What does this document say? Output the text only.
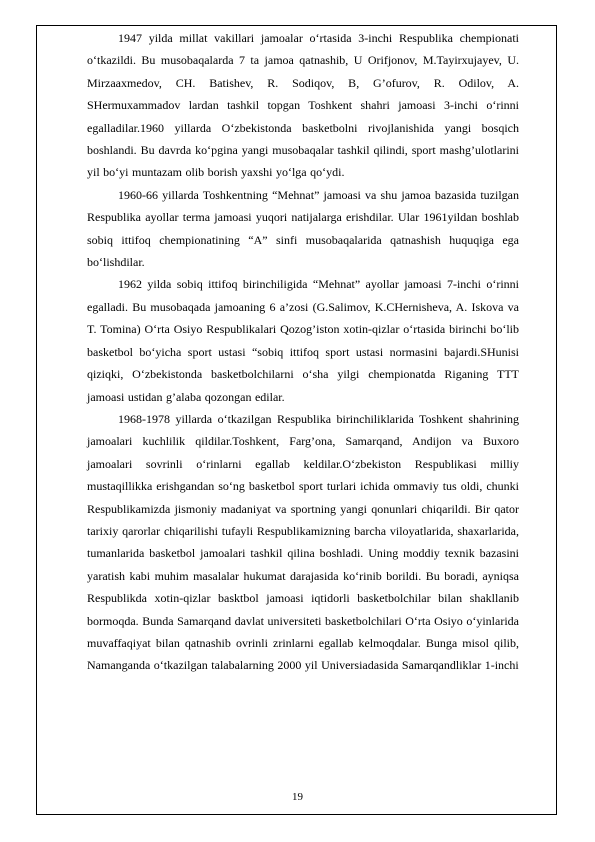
1947 yilda millat vakillari jamoalar o‘rtasida 3-inchi Respublika chempionati o‘tkazildi. Bu musobaqalarda 7 ta jamoa qatnashib, U Orifjonov, M.Tayirxujayev, U. Mirzaaxmedov, CH. Batishev, R. Sodiqov, B, G’ofurov, R. Odilov, A. SHermuxammadov lardan tashkil topgan Toshkent shahri jamoasi 3-inchi o‘rinni egalladilar.1960 yillarda O‘zbekistonda basketbolni rivojlanishida yangi bosqich boshlandi. Bu davrda ko‘pgina yangi musobaqalar tashkil qilindi, sport mashg’ulotlarini yil bo‘yi muntazam olib borish yaxshi yo‘lga qo‘ydi.

1960-66 yillarda Toshkentning “Mehnat” jamoasi va shu jamoa bazasida tuzilgan Respublika ayollar terma jamoasi yuqori natijalarga erishdilar. Ular 1961yildan boshlab sobiq ittifoq chempionatining “A” sinfi musobaqalarida qatnashish huquqiga ega bo‘lishdilar.

1962 yilda sobiq ittifoq birinchiligida “Mehnat” ayollar jamoasi 7-inchi o‘rinni egalladi. Bu musobaqada jamoaning 6 a’zosi (G.Salimov, K.CHernisheva, A. Iskova va T. Tomina) O‘rta Osiyo Respublikalari Qozog’iston xotin-qizlar o‘rtasida birinchi bo‘lib basketbol bo‘yicha sport ustasi “sobiq ittifoq sport ustasi normasini bajardi.SHunisi qiziqki, O‘zbekistonda basketbolchilarni o‘sha yilgi chempionatda Riganing TTT jamoasi ustidan g’alaba qozongan edilar.

1968-1978 yillarda o‘tkazilgan Respublika birinchiliklarida Toshkent shahrining jamoalari kuchlilik qildilar.Toshkent, Farg’ona, Samarqand, Andijon va Buxoro jamoalari sovrinli o‘rinlarni egallab keldilar.O‘zbekiston Respublikasi milliy mustaqillikka erishgandan so‘ng basketbol sport turlari ichida ommaviy tus oldi, chunki Respublikamizda jismoniy madaniyat va sportning yangi qonunlari chiqarildi. Bir qator tarixiy qarorlar chiqarilishi tufayli Respublikamizning barcha viloyatlarida, shaxarlarida, tumanlarida basketbol jamoalari tashkil qilina boshladi. Uning moddiy texnik bazasini yaratish kabi muhim masalalar hukumat darajasida ko‘rinib borildi. Bu boradi, ayniqsa Respublikda xotin-qizlar basktbol jamoasi iqtidorli basketbolchilar bilan shakllanib bormoqda. Bunda Samarqand davlat universiteti basketbolchilari O‘rta Osiyo o‘yinlarida muvaffaqiyat bilan qatnashib ovrinli zrinlarni egallab kelmoqdalar. Bunga misol qilib, Namanganda o‘tkazilgan talabalarning 2000 yil Universiadasida Samarqandliklar 1-inchi

19
